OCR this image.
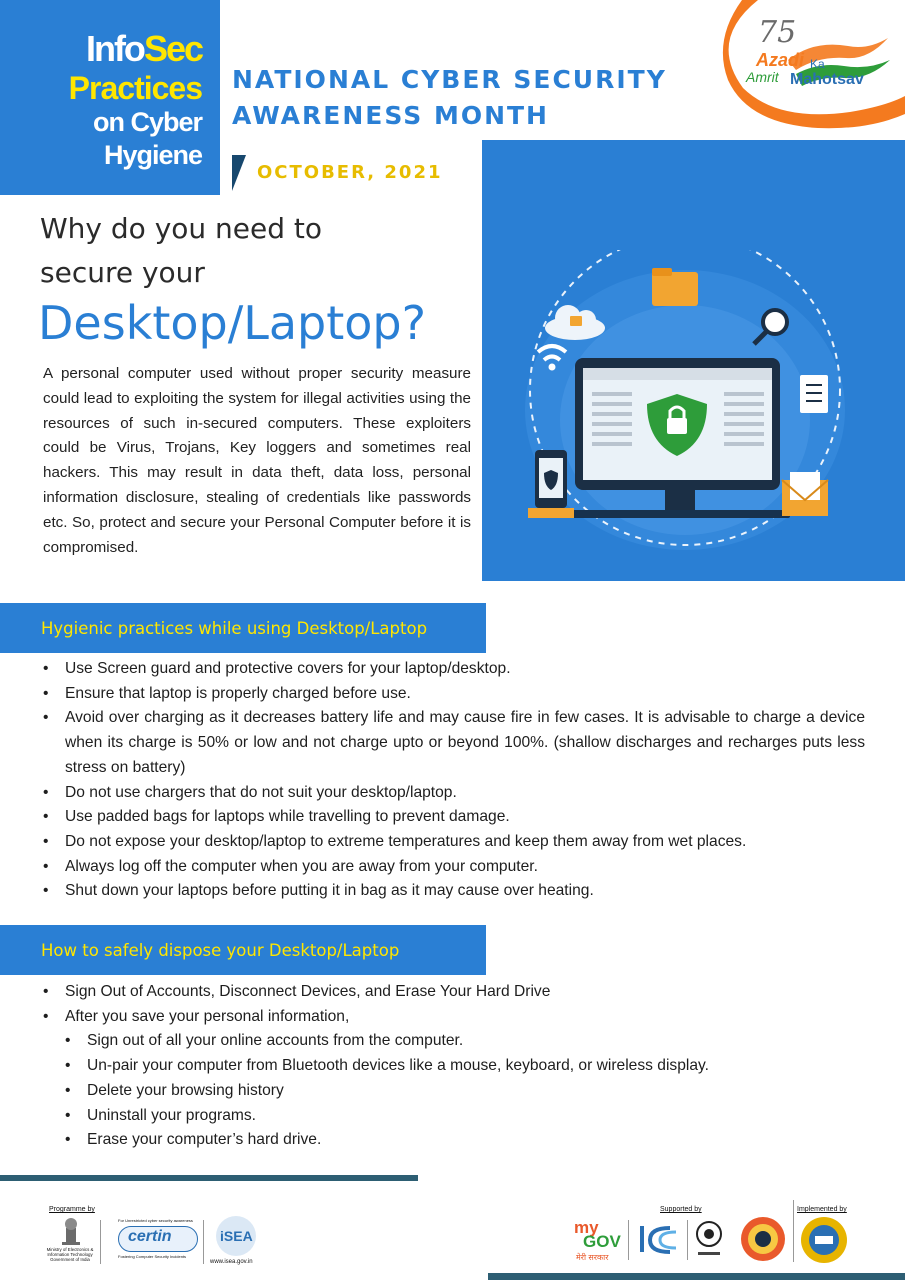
InfoSec
Practices
on Cyber
Hygiene
NATIONAL CYBER SECURITY
AWARENESS MONTH
75
Azadi Ka
Amrit Mahotsav
OCTOBER, 2021
Why do you need to
secure your
Desktop/Laptop?
A personal computer used without proper security measure could lead to exploiting the system for illegal activities using the resources of such in-secured computers. These exploiters could be Virus, Trojans, Key loggers and sometimes real hackers. This may result in data theft, data loss, personal information disclosure, stealing of credentials like passwords etc. So, protect and secure your Personal Computer before it is compromised.
Hygienic practices while using Desktop/Laptop
• Use Screen guard and protective covers for your laptop/desktop.
• Ensure that laptop is properly charged before use.
• Avoid over charging as it decreases battery life and may cause fire in few cases. It is advisable to charge a device when its charge is 50% or low and not charge upto or beyond 100%. (shallow discharges and recharges puts less stress on battery)
• Do not use chargers that do not suit your desktop/laptop.
• Use padded bags for laptops while travelling to prevent damage.
• Do not expose your desktop/laptop to extreme temperatures and keep them away from wet places.
• Always log off the computer when you are away from your computer.
• Shut down your laptops before putting it in bag as it may cause over heating.
How to safely dispose your Desktop/Laptop
• Sign Out of Accounts, Disconnect Devices, and Erase Your Hard Drive
• After you save your personal information,
• Sign out of all your online accounts from the computer.
• Un-pair your computer from Bluetooth devices like a mouse, keyboard, or wireless display.
• Delete your browsing history
• Uninstall your programs.
• Erase your computer’s hard drive.
Programme by
Ministry of Electronics & Information Technology Government of India
For Unrestricted cyber security awareness
certin
Fostering Computer Security Incidents
iSEA
www.isea.gov.in
Supported by	Implemented by
my
GOV
मेरी सरकार
